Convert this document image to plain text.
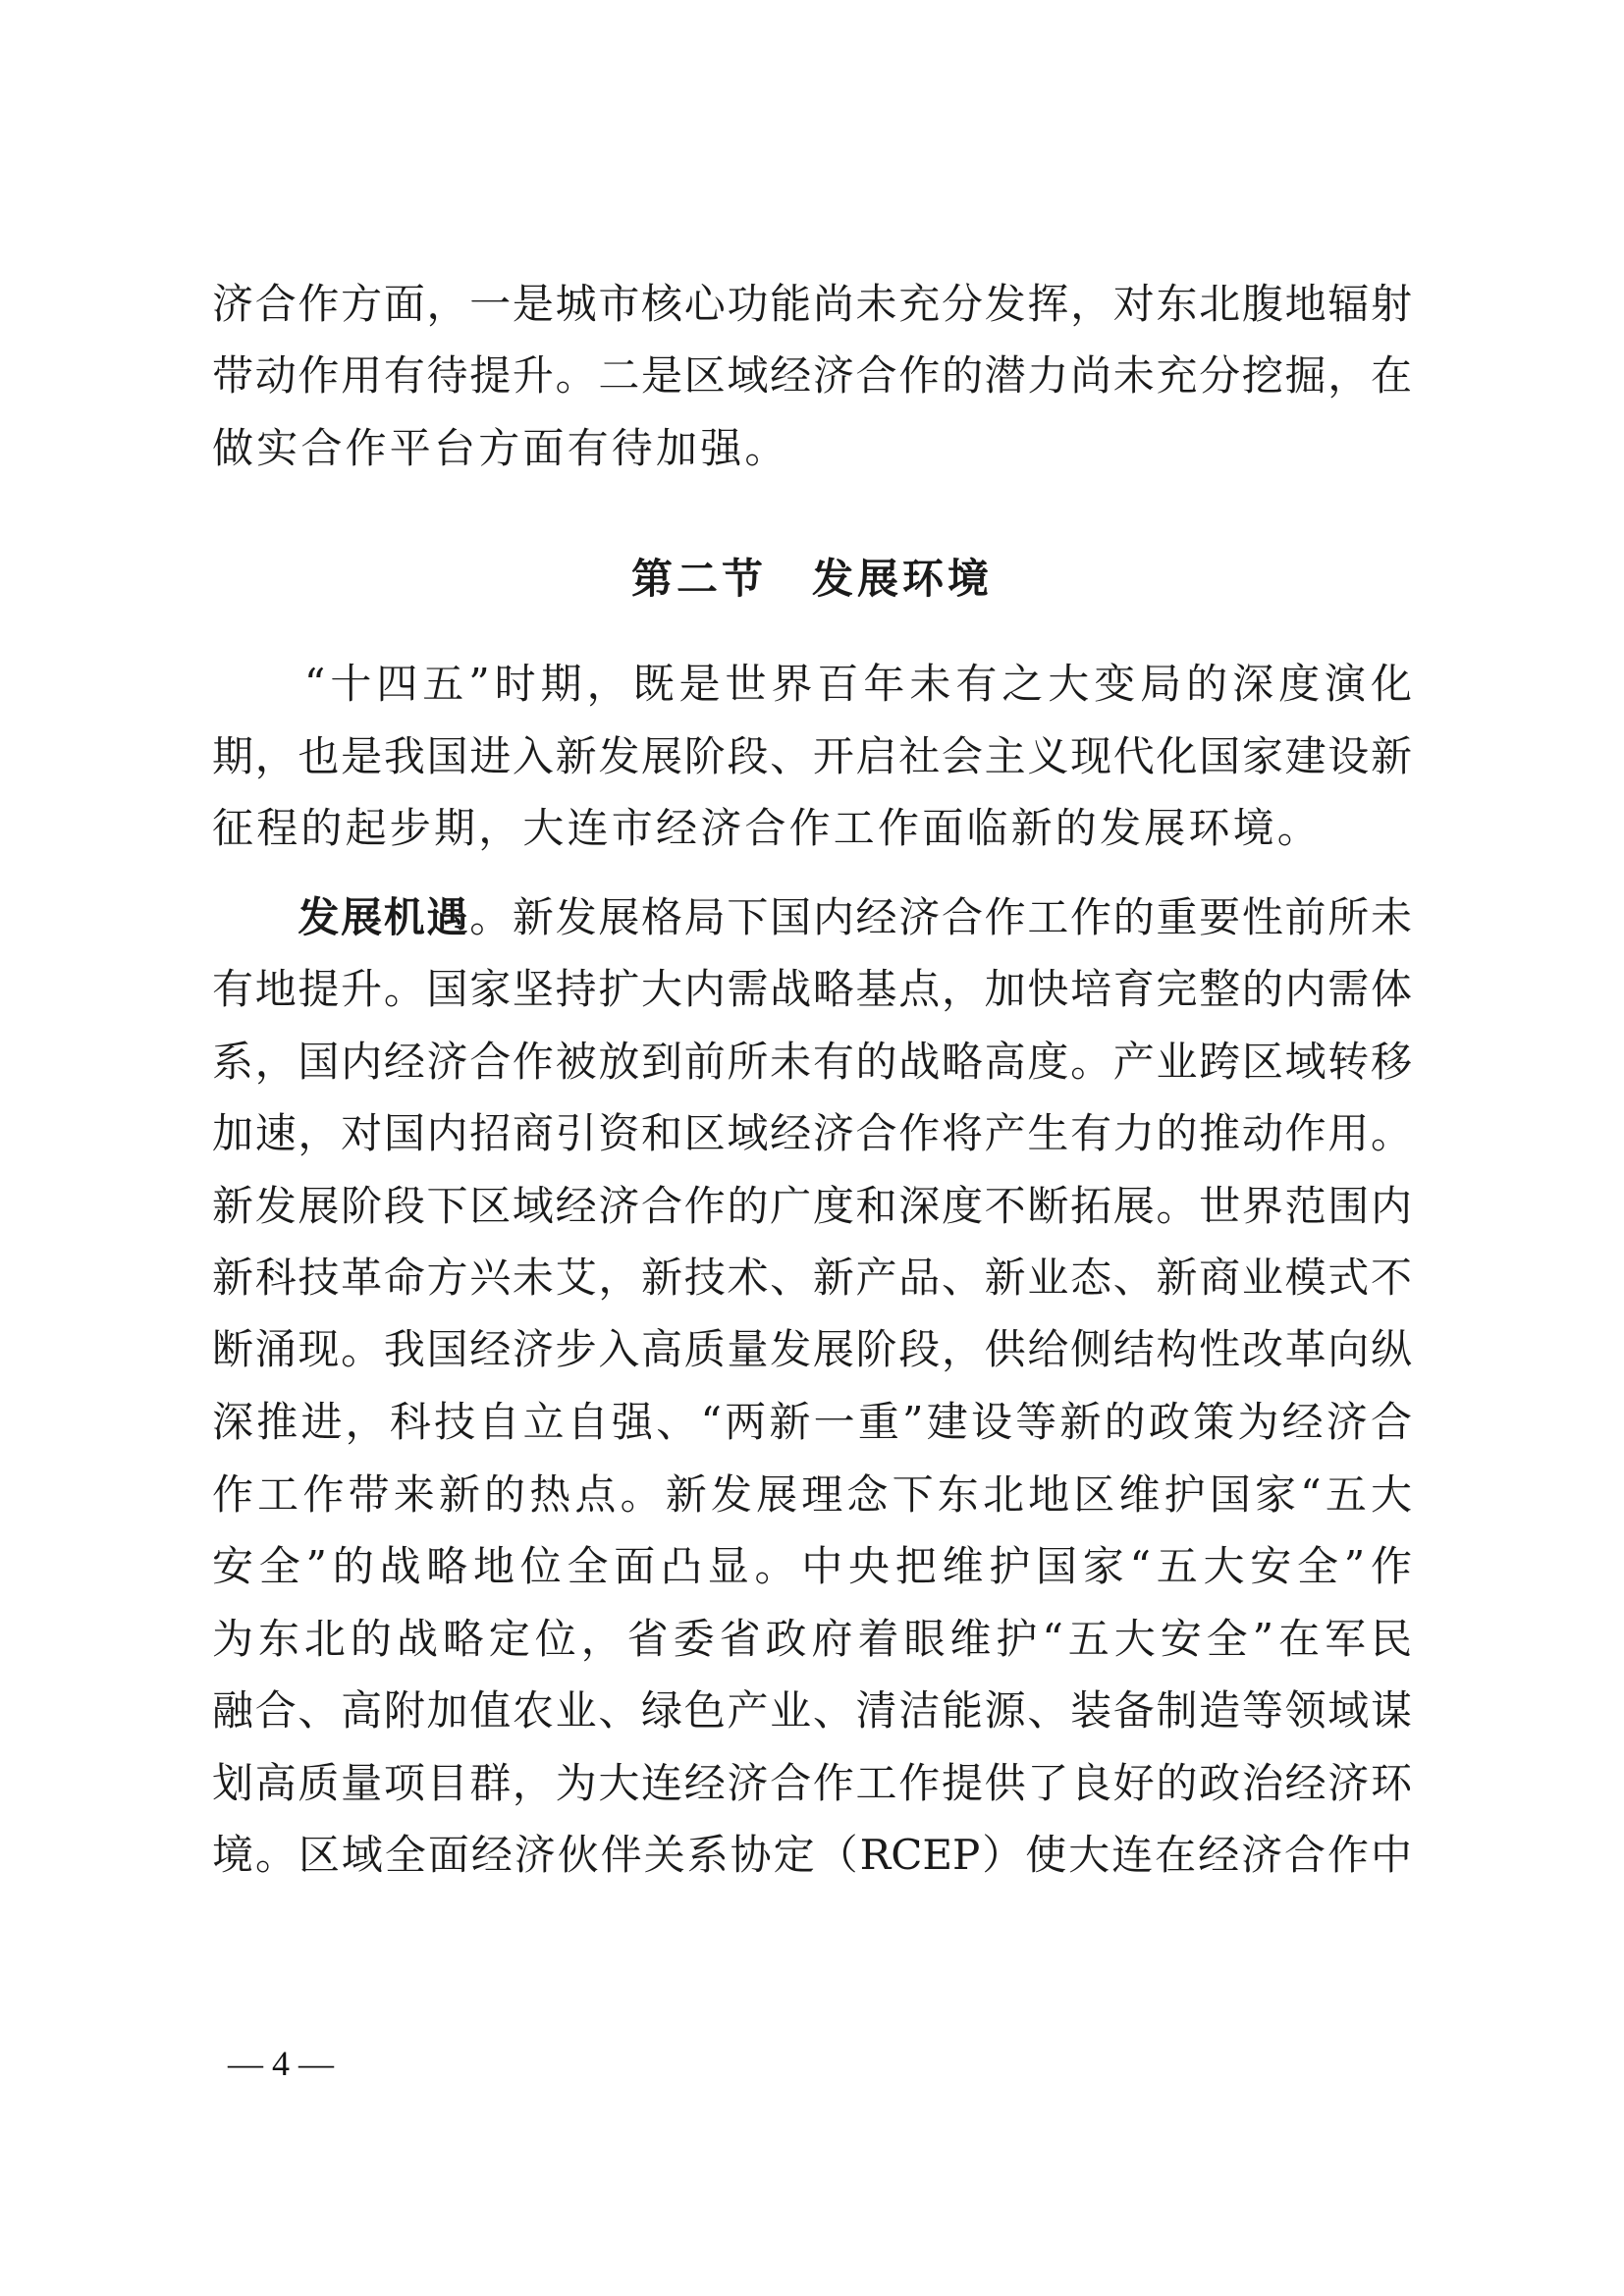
济合作方面，一是城市核心功能尚未充分发挥，对东北腹地辐射
带动作用有待提升。二是区域经济合作的潜力尚未充分挖掘，在
做实合作平台方面有待加强。
第二节　发展环境
　　“十四五”时期，既是世界百年未有之大变局的深度演化
期，也是我国进入新发展阶段、开启社会主义现代化国家建设新
征程的起步期，大连市经济合作工作面临新的发展环境。
　　发展机遇。新发展格局下国内经济合作工作的重要性前所未
有地提升。国家坚持扩大内需战略基点，加快培育完整的内需体
系，国内经济合作被放到前所未有的战略高度。产业跨区域转移
加速，对国内招商引资和区域经济合作将产生有力的推动作用。
新发展阶段下区域经济合作的广度和深度不断拓展。世界范围内
新科技革命方兴未艾，新技术、新产品、新业态、新商业模式不
断涌现。我国经济步入高质量发展阶段，供给侧结构性改革向纵
深推进，科技自立自强、“两新一重”建设等新的政策为经济合
作工作带来新的热点。新发展理念下东北地区维护国家“五大
安全”的战略地位全面凸显。中央把维护国家“五大安全”作
为东北的战略定位，省委省政府着眼维护“五大安全”在军民
融合、高附加值农业、绿色产业、清洁能源、装备制造等领域谋
划高质量项目群，为大连经济合作工作提供了良好的政治经济环
境。区域全面经济伙伴关系协定（RCEP）使大连在经济合作中
— 4 —
